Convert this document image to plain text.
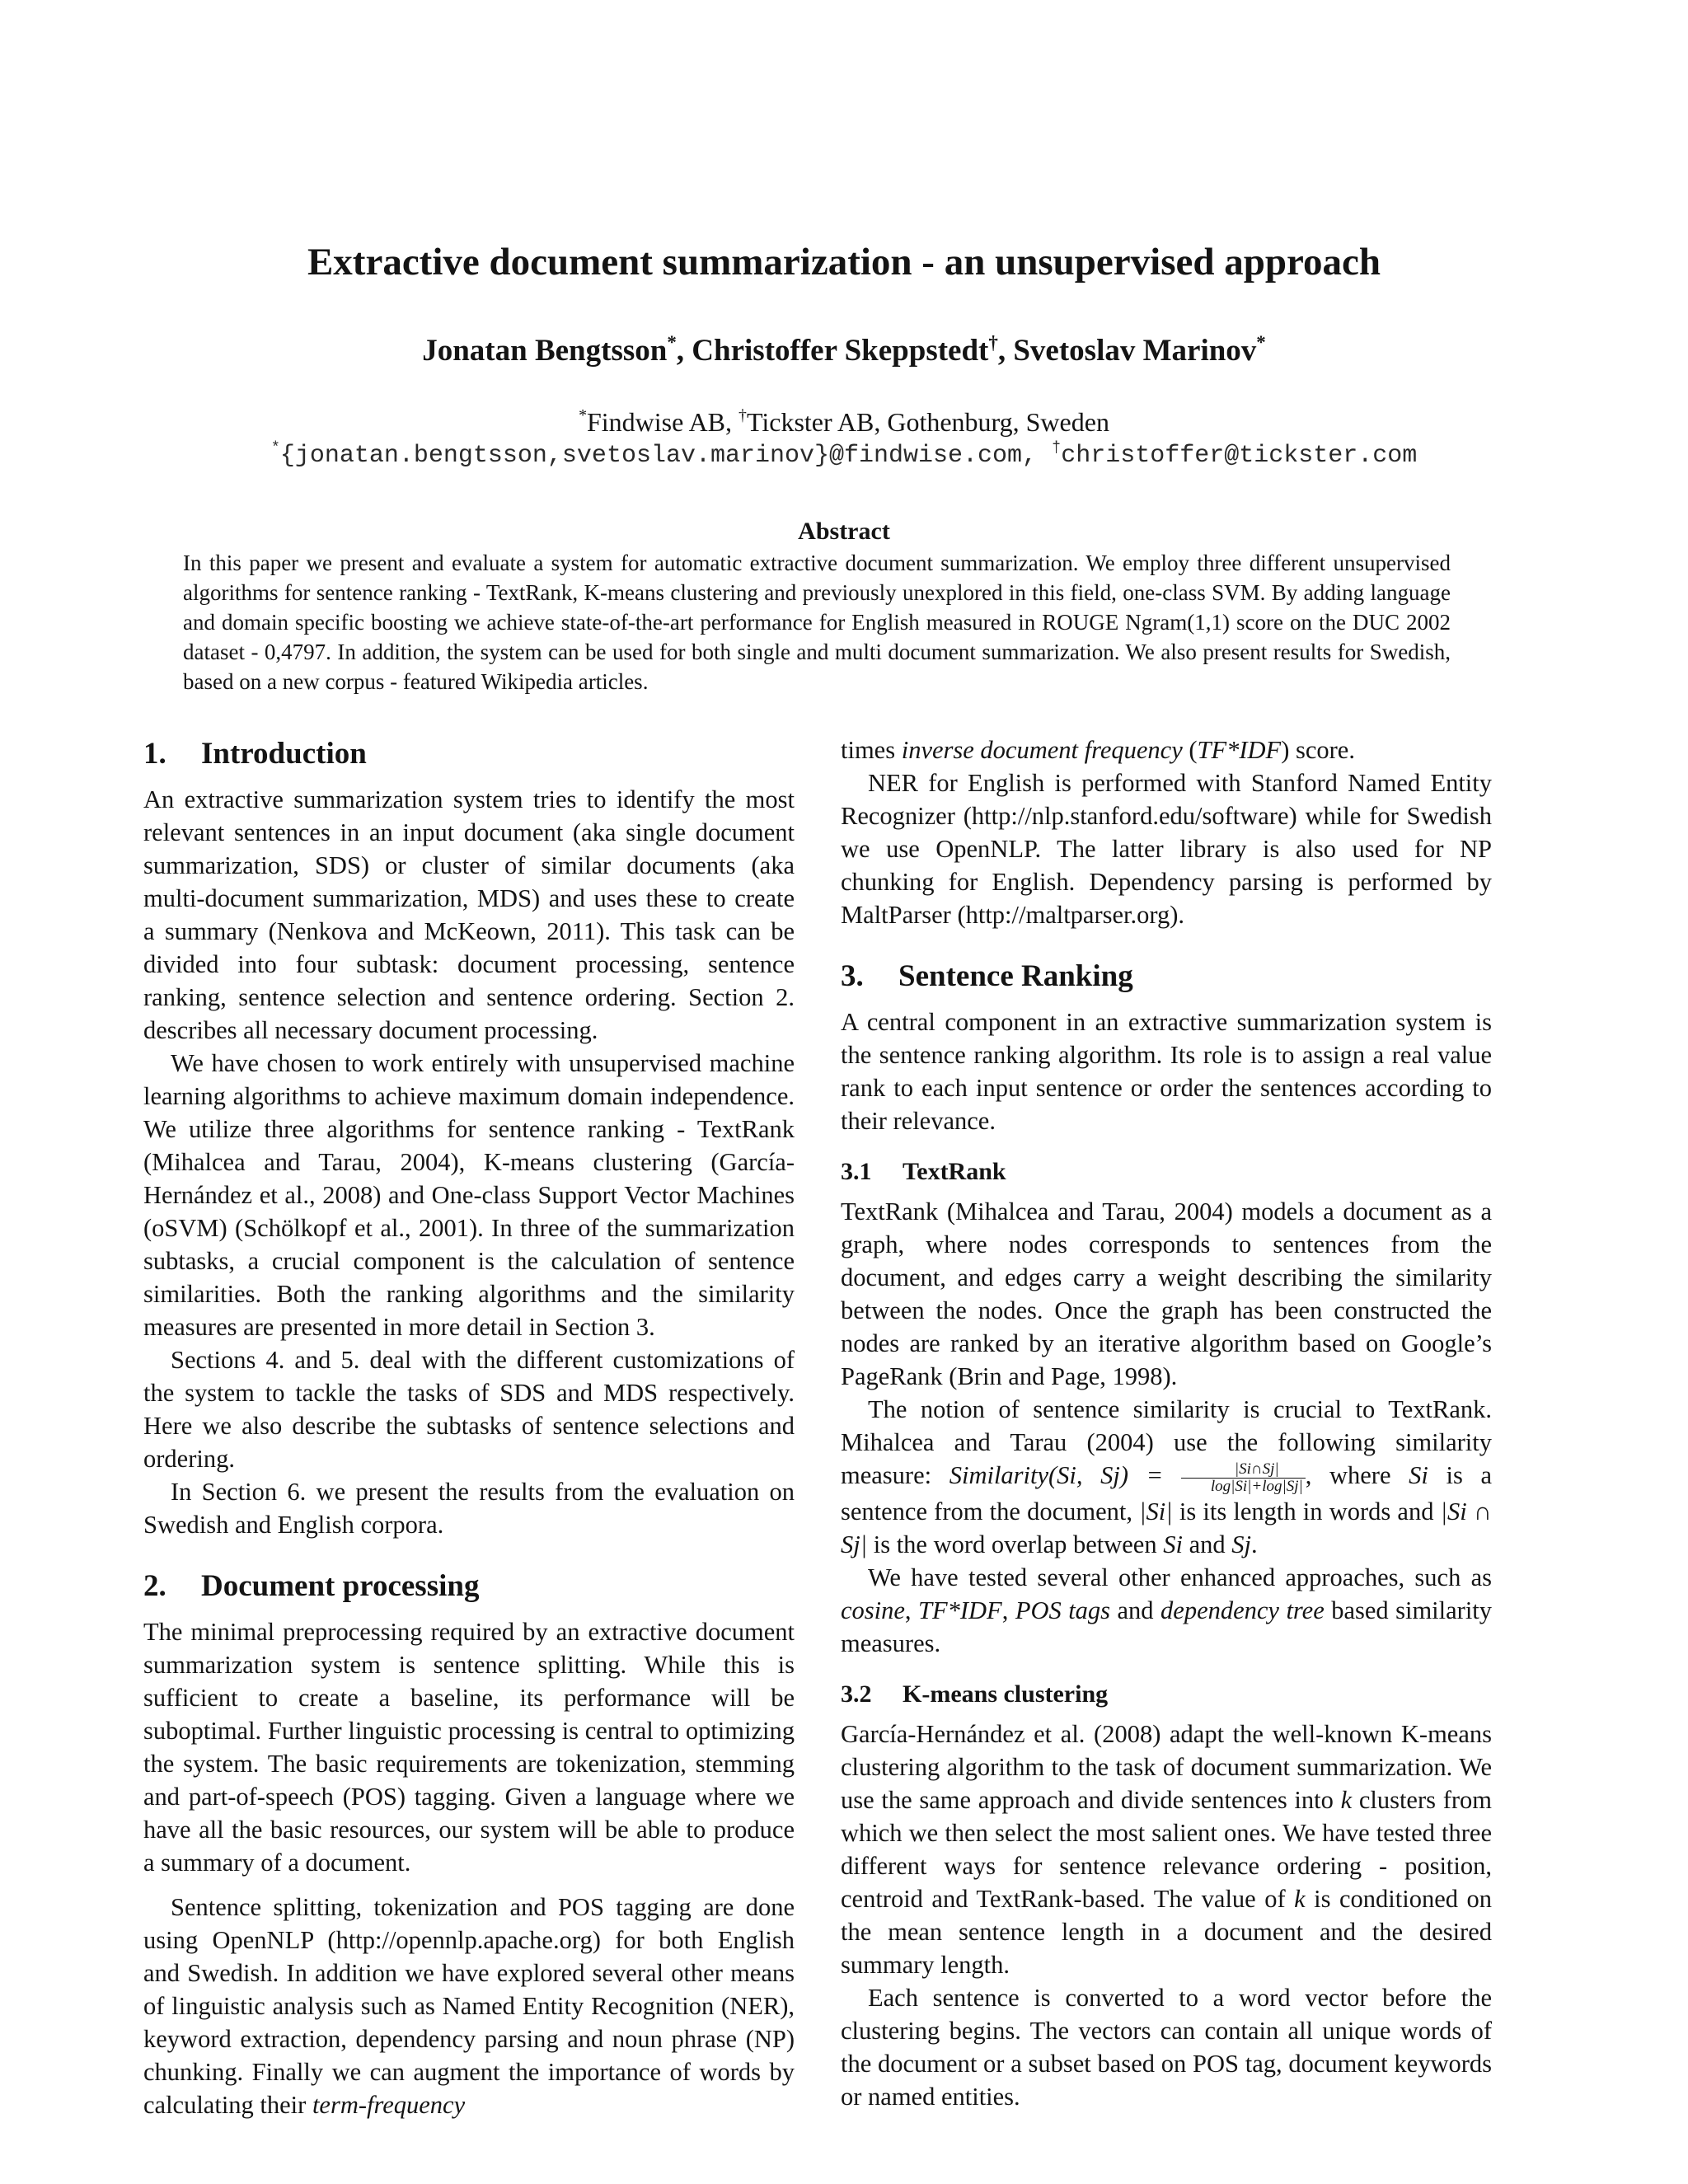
Extractive document summarization - an unsupervised approach
Jonatan Bengtsson*, Christoffer Skeppstedt†, Svetoslav Marinov*
*Findwise AB, †Tickster AB, Gothenburg, Sweden
*{jonatan.bengtsson,svetoslav.marinov}@findwise.com, †christoffer@tickster.com
Abstract

In this paper we present and evaluate a system for automatic extractive document summarization. We employ three different unsupervised algorithms for sentence ranking - TextRank, K-means clustering and previously unexplored in this field, one-class SVM. By adding language and domain specific boosting we achieve state-of-the-art performance for English measured in ROUGE Ngram(1,1) score on the DUC 2002 dataset - 0,4797. In addition, the system can be used for both single and multi document summarization. We also present results for Swedish, based on a new corpus - featured Wikipedia articles.

1. Introduction

An extractive summarization system tries to identify the most relevant sentences in an input document (aka single document summarization, SDS) or cluster of similar documents (aka multi-document summarization, MDS) and uses these to create a summary (Nenkova and McKeown, 2011). This task can be divided into four subtask: document processing, sentence ranking, sentence selection and sentence ordering. Section 2. describes all necessary document processing.

We have chosen to work entirely with unsupervised machine learning algorithms to achieve maximum domain independence. We utilize three algorithms for sentence ranking - TextRank (Mihalcea and Tarau, 2004), K-means clustering (García-Hernández et al., 2008) and One-class Support Vector Machines (oSVM) (Schölkopf et al., 2001). In three of the summarization subtasks, a crucial component is the calculation of sentence similarities. Both the ranking algorithms and the similarity measures are presented in more detail in Section 3.

Sections 4. and 5. deal with the different customizations of the system to tackle the tasks of SDS and MDS respectively. Here we also describe the subtasks of sentence selections and ordering.

In Section 6. we present the results from the evaluation on Swedish and English corpora.

2. Document processing

The minimal preprocessing required by an extractive document summarization system is sentence splitting. While this is sufficient to create a baseline, its performance will be suboptimal. Further linguistic processing is central to optimizing the system. The basic requirements are tokenization, stemming and part-of-speech (POS) tagging. Given a language where we have all the basic resources, our system will be able to produce a summary of a document.

Sentence splitting, tokenization and POS tagging are done using OpenNLP (http://opennlp.apache.org) for both English and Swedish. In addition we have explored several other means of linguistic analysis such as Named Entity Recognition (NER), keyword extraction, dependency parsing and noun phrase (NP) chunking. Finally we can augment the importance of words by calculating their term-frequency

times inverse document frequency (TF*IDF) score.

NER for English is performed with Stanford Named Entity Recognizer (http://nlp.stanford.edu/software) while for Swedish we use OpenNLP. The latter library is also used for NP chunking for English. Dependency parsing is performed by MaltParser (http://maltparser.org).

3. Sentence Ranking

A central component in an extractive summarization system is the sentence ranking algorithm. Its role is to assign a real value rank to each input sentence or order the sentences according to their relevance.

3.1 TextRank

TextRank (Mihalcea and Tarau, 2004) models a document as a graph, where nodes corresponds to sentences from the document, and edges carry a weight describing the similarity between the nodes. Once the graph has been constructed the nodes are ranked by an iterative algorithm based on Google’s PageRank (Brin and Page, 1998).

The notion of sentence similarity is crucial to TextRank. Mihalcea and Tarau (2004) use the following similarity measure: Similarity(Si, $Sj) = \frac{|Si\cap Sj|}{\log|Si|+\log|Sj|}$ , where Si is a sentence from the document, |Si| is its length in words and |Si ∩ Sj| is the word overlap between Si and Sj.

We have tested several other enhanced approaches, such as cosine, TF*IDF, POS tags and dependency tree based similarity measures.

3.2 K-means clustering

García-Hernández et al. (2008) adapt the well-known K-means clustering algorithm to the task of document summarization. We use the same approach and divide sentences into k clusters from which we then select the most salient ones. We have tested three different ways for sentence relevance ordering - position, centroid and TextRank-based. The value of k is conditioned on the mean sentence length in a document and the desired summary length.

Each sentence is converted to a word vector before the clustering begins. The vectors can contain all unique words of the document or a subset based on POS tag, document keywords or named entities.
